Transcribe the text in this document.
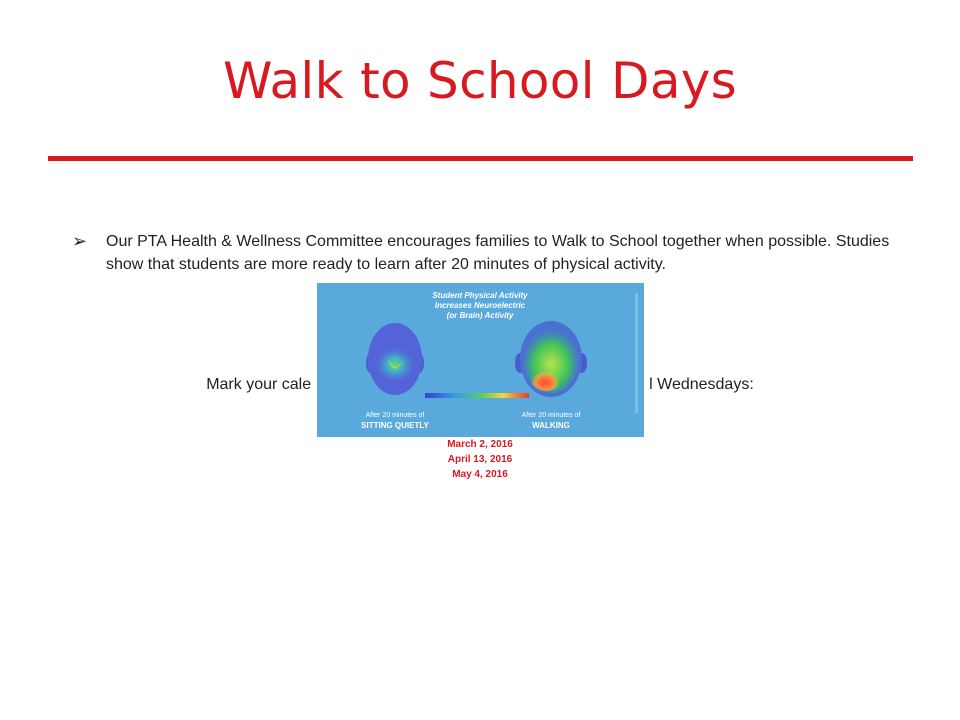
Walk to School Days
➢	Our PTA Health & Wellness Committee encourages families to Walk to School together when possible. Studies show that students are more ready to learn after 20 minutes of physical activity.
Mark your cale	l Wednesdays:
Student Physical Activity
Increases Neuroelectric
(or Brain) Activity
After 20 minutes of
SITTING QUIETLY
After 20 minutes of
WALKING
March 2, 2016
April 13, 2016
May 4, 2016
